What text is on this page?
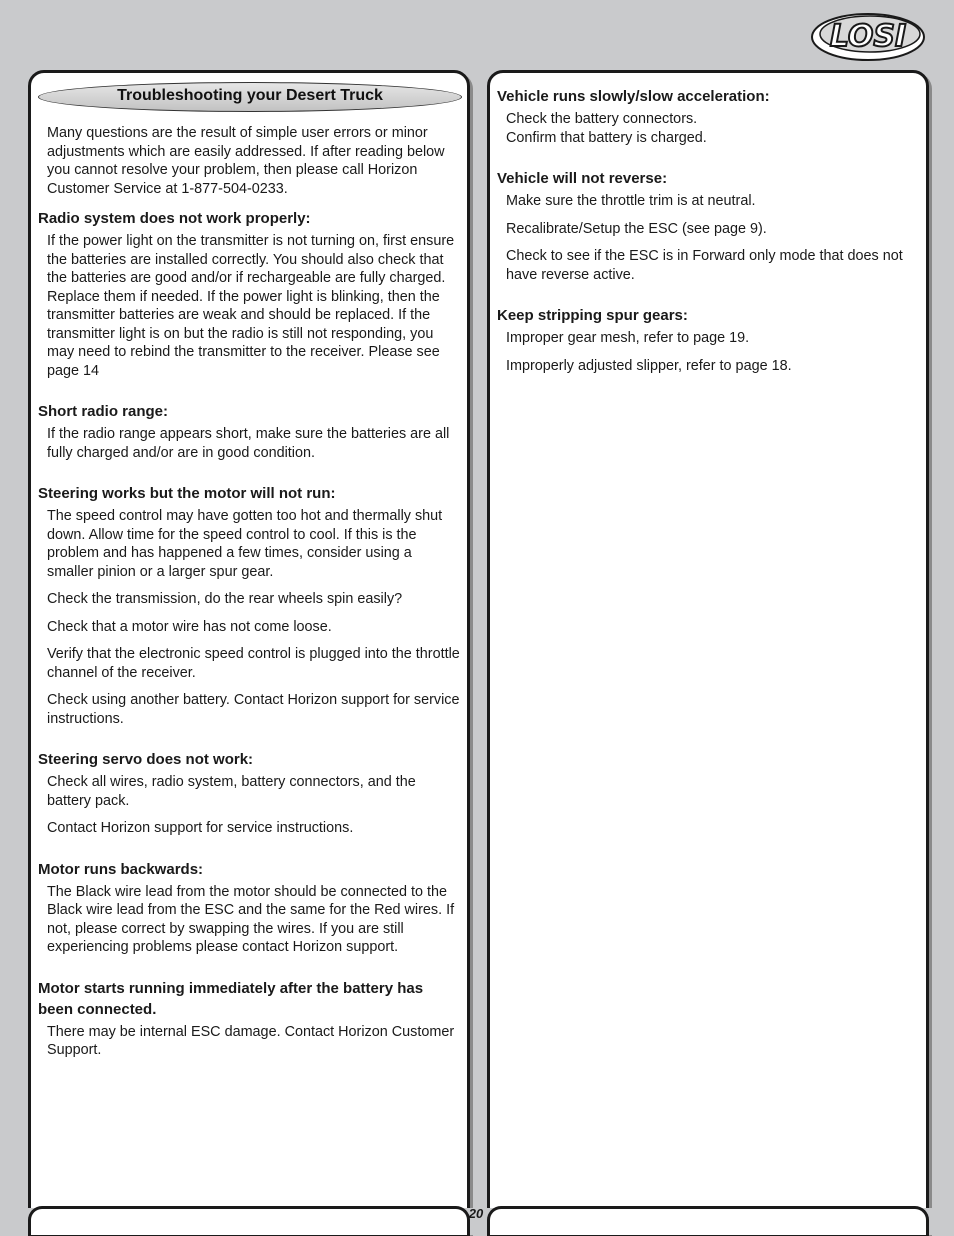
LOSI
20
Troubleshooting your Desert Truck
Many questions are the result of simple user errors or minor adjustments which are easily addressed. If after reading below you cannot resolve your problem, then please call Horizon Customer Service at 1-877-504-0233.
Radio system does not work properly:
If the power light on the transmitter is not turning on, first ensure the batteries are installed correctly. You should also check that the batteries are good and/or if rechargeable are fully charged. Replace them if needed. If the power light is blinking, then the transmitter batteries are weak and should be replaced. If the transmitter light is on but the radio is still not responding, you may need to rebind the transmitter to the receiver. Please see page 14
Short radio range:
If the radio range appears short, make sure the batteries are all fully charged and/or are in good condition.
Steering works but the motor will not run:
The speed control may have gotten too hot and thermally shut down. Allow time for the speed control to cool. If this is the problem and has happened a few times, consider using a smaller pinion or a larger spur gear.
Check the transmission, do the rear wheels spin easily?
Check that a motor wire has not come loose.
Verify that the electronic speed control is plugged into the throttle channel of the receiver.
Check using another battery. Contact Horizon support for service instructions.
Steering servo does not work:
Check all wires, radio system, battery connectors, and the battery pack.
Contact Horizon support for service instructions.
Motor runs backwards:
The Black wire lead from the motor should be connected to the Black wire lead from the ESC and the same for the Red wires. If not, please correct by swapping the wires. If you are still experiencing problems please contact Horizon support.
Motor starts running immediately after the battery has been connected.
There may be internal ESC damage. Contact Horizon Customer Support.
Vehicle runs slowly/slow acceleration:
Check the battery connectors.
Confirm that battery is charged.
Vehicle will not reverse:
Make sure the throttle trim is at neutral.
Recalibrate/Setup the ESC (see page 9).
Check to see if the ESC is in Forward only mode that does not have reverse active.
Keep stripping spur gears:
Improper gear mesh, refer to page 19.
Improperly adjusted slipper, refer to page 18.
